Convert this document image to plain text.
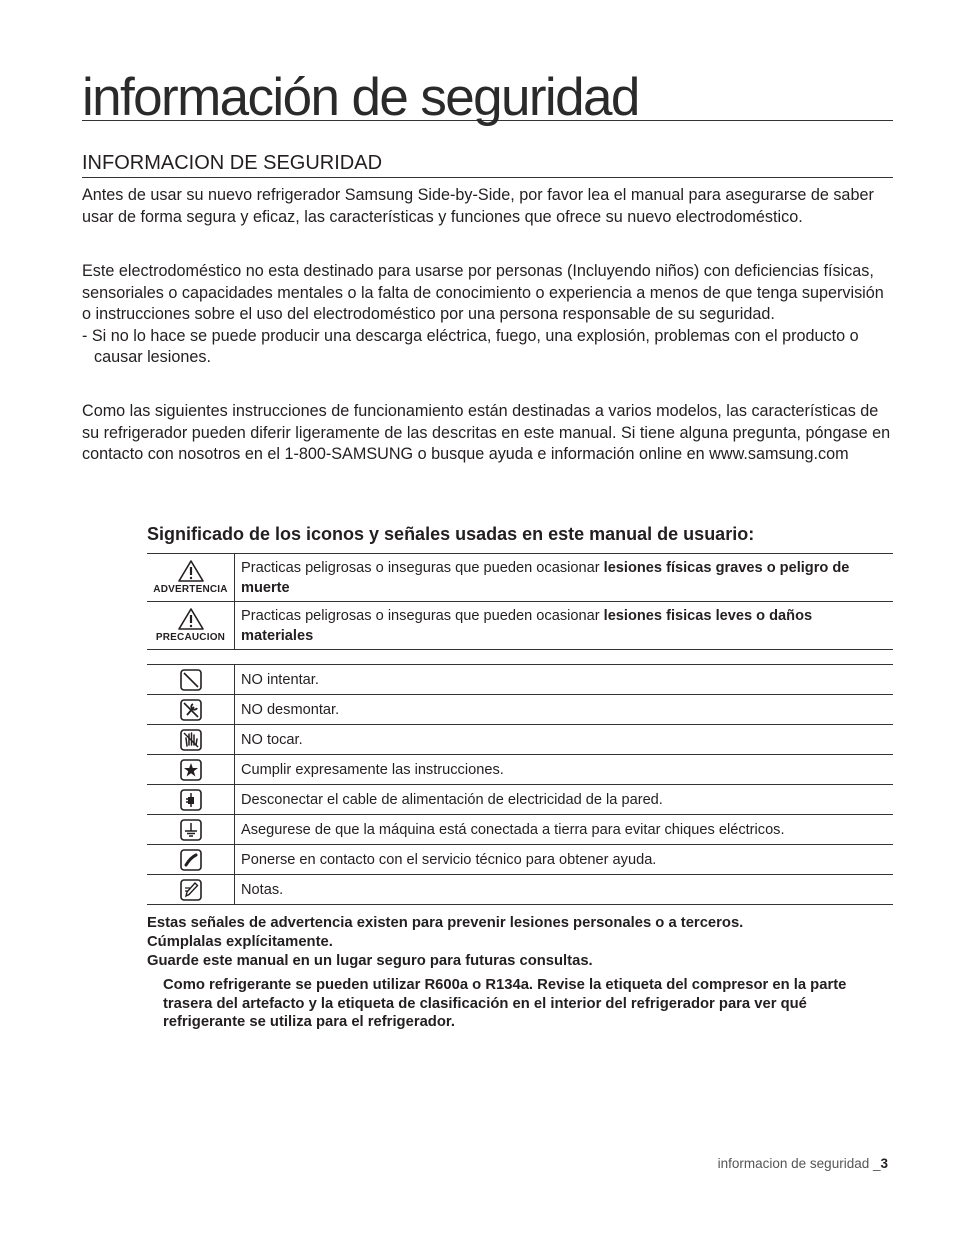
información de seguridad
INFORMACION DE SEGURIDAD

Antes de usar su nuevo refrigerador Samsung Side-by-Side, por favor lea el manual para asegurarse de saber usar de forma segura y eficaz, las características y funciones que ofrece su nuevo electrodoméstico.

Este electrodoméstico no esta destinado para usarse por personas (Incluyendo niños) con deficiencias físicas, sensoriales o capacidades mentales o la falta de conocimiento o experiencia a menos de que tenga supervisión o instrucciones sobre el uso del electrodoméstico por una persona responsable de su seguridad.

- Si no lo hace se puede producir una descarga eléctrica, fuego, una explosión, problemas con el producto o causar lesiones.

Como las siguientes instrucciones de funcionamiento están destinadas a varios modelos, las características de su refrigerador pueden diferir ligeramente de las descritas en este manual. Si tiene alguna pregunta, póngase en contacto con nosotros en el 1-800-SAMSUNG o busque ayuda e información online en www.samsung.com

Significado de los iconos y señales usadas en este manual de usuario:
ADVERTENCIA	Practicas peligrosas o inseguras que pueden ocasionar lesiones físicas graves o peligro de muerte

PRECAUCION	Practicas peligrosas o inseguras que pueden ocasionar lesiones fisicas leves o daños materiales
	NO intentar.
	NO desmontar.
	NO tocar.
	Cumplir expresamente las instrucciones.
	Desconectar el cable de alimentación de electricidad de la pared.
	Asegurese de que la máquina está conectada a tierra para evitar chiques eléctricos.
	Ponerse en contacto con el servicio técnico para obtener ayuda.
	Notas.

Estas señales de advertencia existen para prevenir lesiones personales o a terceros.

Cúmplalas explícitamente.

Guarde este manual en un lugar seguro para futuras consultas.

Como refrigerante se pueden utilizar R600a o R134a. Revise la etiqueta del compresor en la parte trasera del artefacto y la etiqueta de clasificación en el interior del refrigerador para ver qué refrigerante se utiliza para el refrigerador.
informacion de seguridad _3
